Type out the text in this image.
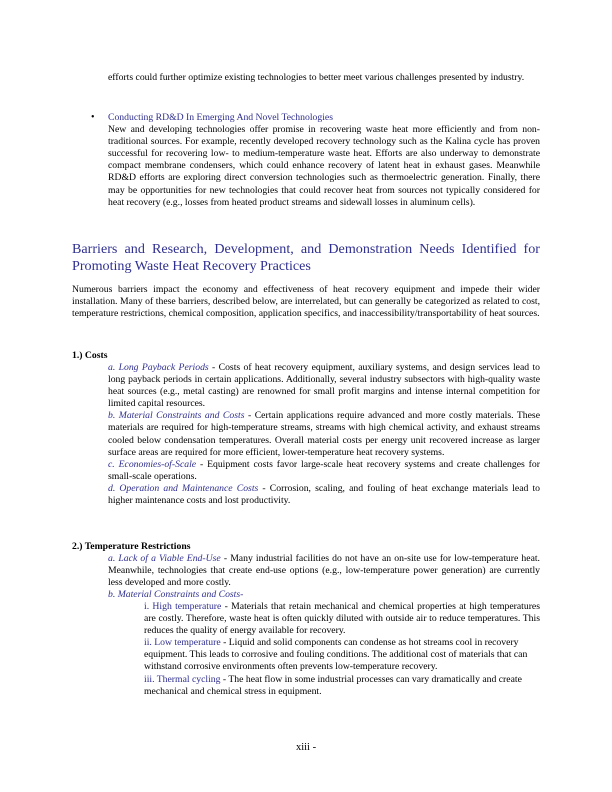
efforts could further optimize existing technologies to better meet various challenges presented by industry.

• Conducting RD&D In Emerging And Novel Technologies

New and developing technologies offer promise in recovering waste heat more efficiently and from non-traditional sources. For example, recently developed recovery technology such as the Kalina cycle has proven successful for recovering low- to medium-temperature waste heat. Efforts are also underway to demonstrate compact membrane condensers, which could enhance recovery of latent heat in exhaust gases. Meanwhile RD&D efforts are exploring direct conversion technologies such as thermoelectric generation. Finally, there may be opportunities for new technologies that could recover heat from sources not typically considered for heat recovery (e.g., losses from heated product streams and sidewall losses in aluminum cells).

Barriers and Research, Development, and Demonstration Needs Identified for Promoting Waste Heat Recovery Practices

Numerous barriers impact the economy and effectiveness of heat recovery equipment and impede their wider installation. Many of these barriers, described below, are interrelated, but can generally be categorized as related to cost, temperature restrictions, chemical composition, application specifics, and inaccessibility/transportability of heat sources.

1.) Costs

a. Long Payback Periods - Costs of heat recovery equipment, auxiliary systems, and design services lead to long payback periods in certain applications. Additionally, several industry subsectors with high-quality waste heat sources (e.g., metal casting) are renowned for small profit margins and intense internal competition for limited capital resources.

b. Material Constraints and Costs - Certain applications require advanced and more costly materials. These materials are required for high-temperature streams, streams with high chemical activity, and exhaust streams cooled below condensation temperatures. Overall material costs per energy unit recovered increase as larger surface areas are required for more efficient, lower-temperature heat recovery systems.

c. Economies-of-Scale - Equipment costs favor large-scale heat recovery systems and create challenges for small-scale operations.

d. Operation and Maintenance Costs - Corrosion, scaling, and fouling of heat exchange materials lead to higher maintenance costs and lost productivity.

2.) Temperature Restrictions

a. Lack of a Viable End-Use - Many industrial facilities do not have an on-site use for low-temperature heat. Meanwhile, technologies that create end-use options (e.g., low-temperature power generation) are currently less developed and more costly.

b. Material Constraints and Costs-

i. High temperature - Materials that retain mechanical and chemical properties at high temperatures are costly. Therefore, waste heat is often quickly diluted with outside air to reduce temperatures. This reduces the quality of energy available for recovery.

ii. Low temperature - Liquid and solid components can condense as hot streams cool in recovery equipment. This leads to corrosive and fouling conditions. The additional cost of materials that can withstand corrosive environments often prevents low-temperature recovery.

iii. Thermal cycling - The heat flow in some industrial processes can vary dramatically and create mechanical and chemical stress in equipment.

xiii -
